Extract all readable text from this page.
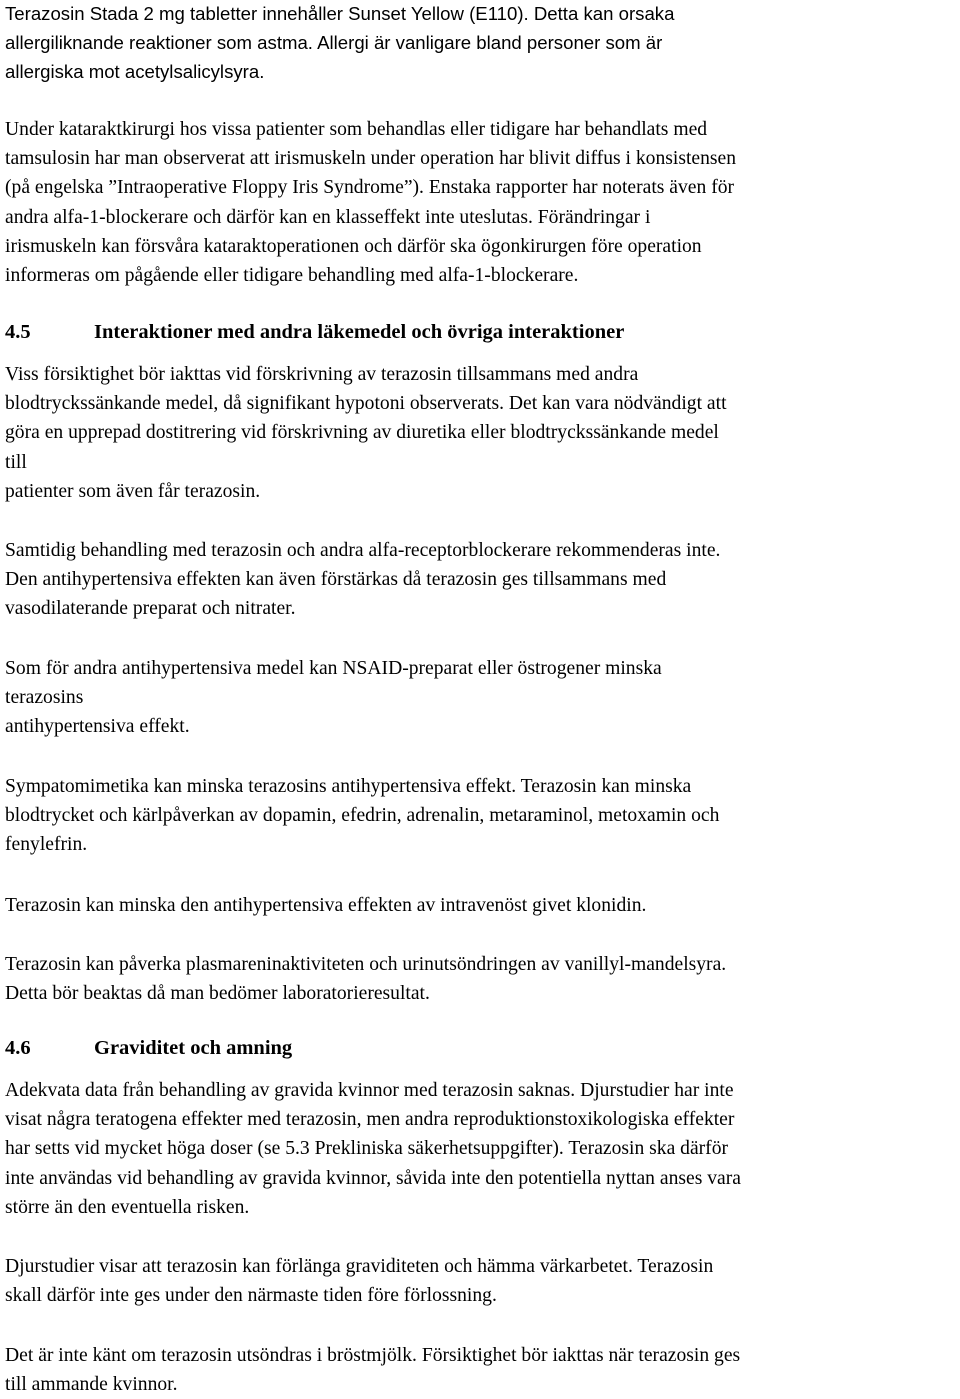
Terazosin Stada 2 mg tabletter innehåller Sunset Yellow (E110). Detta kan orsaka

allergiliknande reaktioner som astma. Allergi är vanligare bland personer som är

allergiska mot acetylsalicylsyra.

Under kataraktkirurgi hos vissa patienter som behandlas eller tidigare har behandlats med

tamsulosin har man observerat att irismuskeln under operation har blivit diffus i konsistensen

(på engelska ”Intraoperative Floppy Iris Syndrome”). Enstaka rapporter har noterats även för

andra alfa-1-blockerare och därför kan en klasseffekt inte uteslutas. Förändringar i

irismuskeln kan försvåra kataraktoperationen och därför ska ögonkirurgen före operation

informeras om pågående eller tidigare behandling med alfa-1-blockerare.

4.5	Interaktioner med andra läkemedel och övriga interaktioner

Viss försiktighet bör iakttas vid förskrivning av terazosin tillsammans med andra

blodtryckssänkande medel, då signifikant hypotoni observerats. Det kan vara nödvändigt att

göra en upprepad dostitrering vid förskrivning av diuretika eller blodtryckssänkande medel

till

patienter som även får terazosin.

Samtidig behandling med terazosin och andra alfa-receptorblockerare rekommenderas inte.

Den antihypertensiva effekten kan även förstärkas då terazosin ges tillsammans med

vasodilaterande preparat och nitrater.

Som för andra antihypertensiva medel kan NSAID-preparat eller östrogener minska

terazosins

antihypertensiva effekt.

Sympatomimetika kan minska terazosins antihypertensiva effekt. Terazosin kan minska

blodtrycket och kärlpåverkan av dopamin, efedrin, adrenalin, metaraminol, metoxamin och

fenylefrin.

Terazosin kan minska den antihypertensiva effekten av intravenöst givet klonidin.

Terazosin kan påverka plasmareninaktiviteten och urinutsöndringen av vanillyl-mandelsyra.

Detta bör beaktas då man bedömer laboratorieresultat.

4.6	Graviditet och amning

Adekvata data från behandling av gravida kvinnor med terazosin saknas. Djurstudier har inte

visat några teratogena effekter med terazosin, men andra reproduktionstoxikologiska effekter

har setts vid mycket höga doser (se 5.3 Prekliniska säkerhetsuppgifter). Terazosin ska därför

inte användas vid behandling av gravida kvinnor, såvida inte den potentiella nyttan anses vara

större än den eventuella risken.

Djurstudier visar att terazosin kan förlänga graviditeten och hämma värkarbetet. Terazosin

skall därför inte ges under den närmaste tiden före förlossning.

Det är inte känt om terazosin utsöndras i bröstmjölk. Försiktighet bör iakttas när terazosin ges

till ammande kvinnor.
